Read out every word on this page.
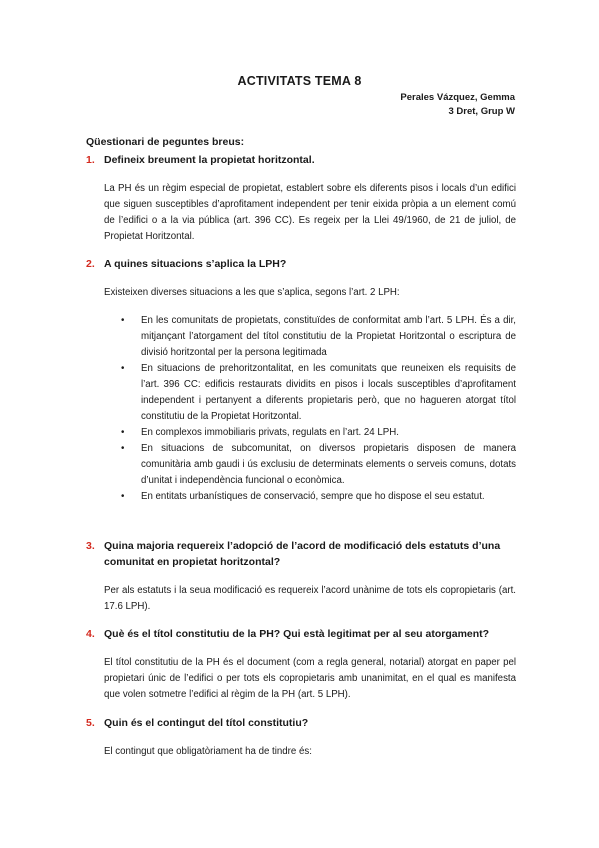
ACTIVITATS TEMA 8
Perales Vázquez, Gemma
3 Dret, Grup W
Qüestionari de peguntes breus:
1. Defineix breument la propietat horitzontal.
La PH és un règim especial de propietat, establert sobre els diferents pisos i locals d’un edifici que siguen susceptibles d’aprofitament independent per tenir eixida pròpia a un element comú de l’edifici o a la via pública (art. 396 CC). Es regeix per la Llei 49/1960, de 21 de juliol, de Propietat Horitzontal.
2. A quines situacions s’aplica la LPH?
Existeixen diverses situacions a les que s’aplica, segons l’art. 2 LPH:
• En les comunitats de propietats, constituïdes de conformitat amb l’art. 5 LPH. És a dir, mitjançant l’atorgament del títol constitutiu de la Propietat Horitzontal o escriptura de divisió horitzontal per la persona legitimada
• En situacions de prehoritzontalitat, en les comunitats que reuneixen els requisits de l’art. 396 CC: edificis restaurats dividits en pisos i locals susceptibles d’aprofitament independent i pertanyent a diferents propietaris però, que no hagueren atorgat títol constitutiu de la Propietat Horitzontal.
• En complexos immobiliaris privats, regulats en l’art. 24 LPH.
• En situacions de subcomunitat, on diversos propietaris disposen de manera comunitària amb gaudi i ús exclusiu de determinats elements o serveis comuns, dotats d’unitat i independència funcional o econòmica.
• En entitats urbanístiques de conservació, sempre que ho dispose el seu estatut.
3. Quina majoria requereix l’adopció de l’acord de modificació dels estatuts d’una comunitat en propietat horitzontal?
Per als estatuts i la seua modificació es requereix l’acord unànime de tots els copropietaris (art. 17.6 LPH).
4. Què és el títol constitutiu de la PH? Qui està legitimat per al seu atorgament?
El títol constitutiu de la PH és el document (com a regla general, notarial) atorgat en paper pel propietari únic de l’edifici o per tots els copropietaris amb unanimitat, en el qual es manifesta que volen sotmetre l’edifici al règim de la PH (art. 5 LPH).
5. Quin és el contingut del títol constitutiu?
El contingut que obligatòriament ha de tindre és:
